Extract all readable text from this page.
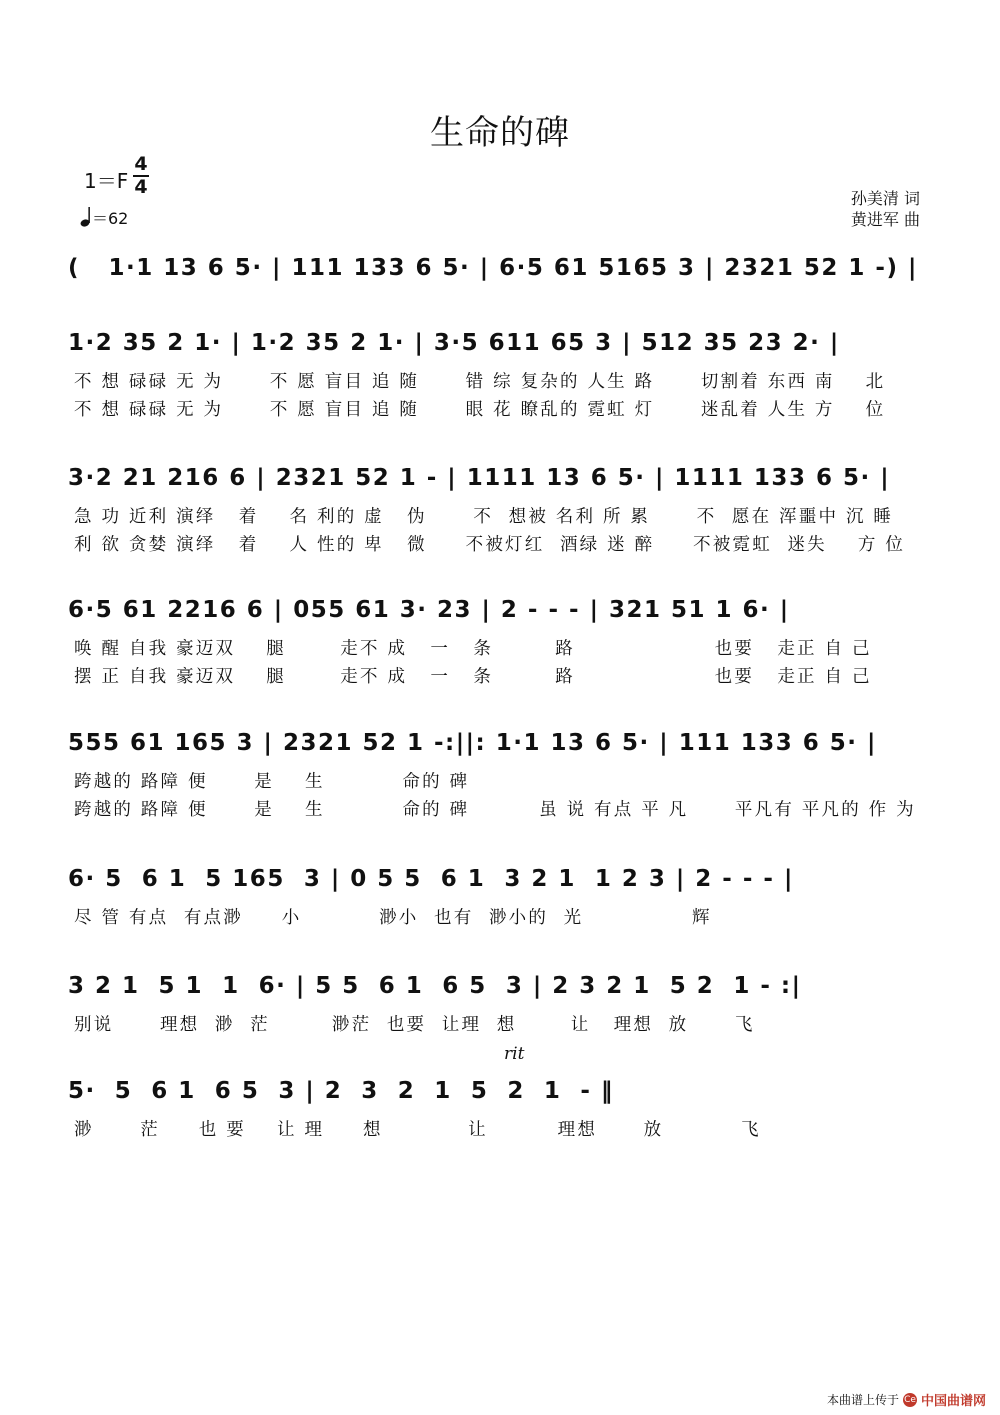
生命的碑
1＝F
4
4
＝62
孙美清 词
黄进军 曲
(   1·1 13 6 5· | 111 133 6 5· | 6·5 61 5165 3 | 2321 52 1 -) |
1·2 35 2 1· | 1·2 35 2 1· | 3·5 611 65 3 | 512 35 23 2· |
不 想 碌碌 无 为      不 愿 盲目 追 随      错 综 复杂的 人生 路      切割着 东西 南    北
不 想 碌碌 无 为      不 愿 盲目 追 随      眼 花 瞭乱的 霓虹 灯      迷乱着 人生 方    位
3·2 21 216 6 | 2321 52 1 - | 1111 13 6 5· | 1111 133 6 5· |
急 功 近利 演绎   着    名 利的 虚   伪      不  想被 名利 所 累      不  愿在 浑噩中 沉 睡
利 欲 贪婪 演绎   着    人 性的 卑   微     不被灯红  酒绿 迷 醉     不被霓虹  迷失    方 位
6·5 61 2216 6 | 055 61 3· 23 | 2 - - - | 321 51 1 6· |
唤 醒 自我 豪迈双    腿       走不 成   一   条        路                  也要   走正 自 己
摆 正 自我 豪迈双    腿       走不 成   一   条        路                  也要   走正 自 己
555 61 165 3 | 2321 52 1 -:||: 1·1 13 6 5· | 111 133 6 5· |
跨越的 路障 便      是    生          命的 碑
跨越的 路障 便      是    生          命的 碑         虽 说 有点 平 凡      平凡有 平凡的 作 为
6· 5  6 1  5 165  3 | 0 5 5  6 1  3 2 1  1 2 3 | 2 - - - |
尽 管 有点  有点渺     小          渺小  也有  渺小的  光              辉
3 2 1  5 1  1  6· | 5 5  6 1  6 5  3 | 2 3 2 1  5 2  1 - :|
别说      理想  渺  茫        渺茫  也要  让理  想       让   理想  放      飞
5·  5  6 1  6 5  3 | 2  3  2  1  5  2  1  - ‖
渺      茫     也 要    让 理     想           让         理想      放          飞
rit
本曲谱上传于 Ce 中国曲谱网
